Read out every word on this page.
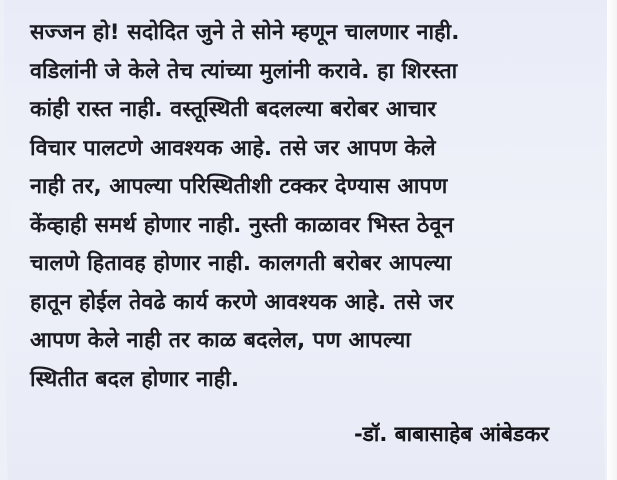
सज्जन हो! सदोदित जुने ते सोने म्हणून चालणार नाही.
वडिलांनी जे केले तेच त्यांच्या मुलांनी करावे. हा शिरस्ता
कांही रास्त नाही. वस्तूस्थिती बदलल्या बरोबर आचार
विचार पालटणे आवश्यक आहे. तसे जर आपण केले
नाही तर, आपल्या परिस्थितीशी टक्कर देण्यास आपण
केंव्हाही समर्थ होणार नाही. नुस्ती काळावर भिस्त ठेवून
चालणे हितावह होणार नाही. कालगती बरोबर आपल्या
हातून होईल तेवढे कार्य करणे आवश्यक आहे. तसे जर
आपण केले नाही तर काळ बदलेल, पण आपल्या
स्थितीत बदल होणार नाही.
-डॉ. बाबासाहेब आंबेडकर
